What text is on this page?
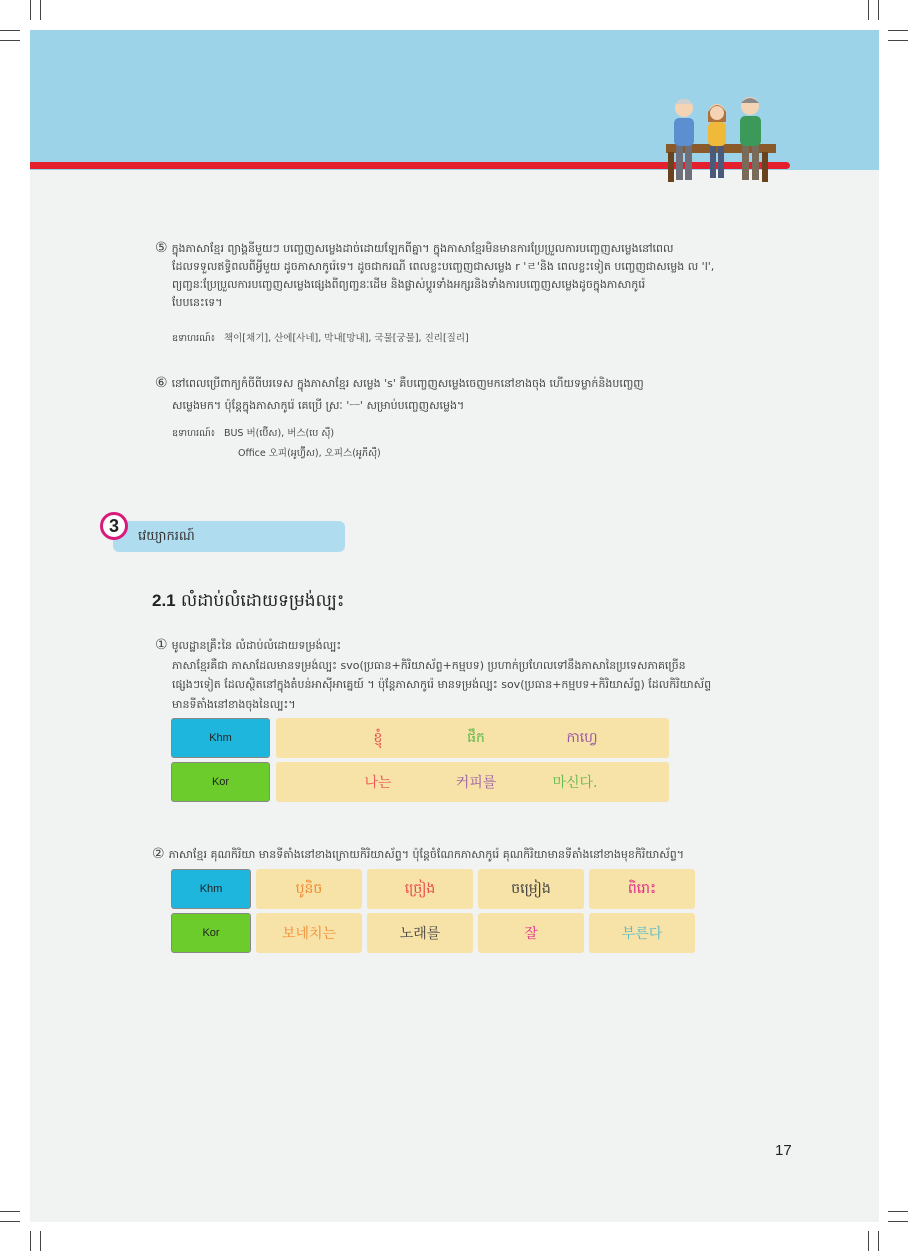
⑤ ក្នុងភាសាខ្មែរ ព្យាង្គនីមួយៗ បញ្ចេញសម្លេងដាច់ដោយឡែកពីគ្នា។ ក្នុងភាសាខ្មែរមិនមានការប្រែប្រួលការបញ្ចេញសម្លេងនៅពេល
ដែលទទួលឥទ្ធិពលពីអ្វីមួយ ដូចភាសាកូរ៉េទេ។ ដូចជាករណី ពេលខ្លះបញ្ចេញជាសម្លេង r 'ㄹ'និង ពេលខ្លះទៀត បញ្ចេញជាសម្លេង ល 'l',
ព្យញ្ជនៈប្រែប្រួលការបញ្ចេញសម្លេងផ្សេងពីព្យញ្ជនៈដើម និងផ្លាស់ប្តូរទាំងអក្សរនិងទាំងការបញ្ចេញសម្លេងដូចក្នុងភាសាកូរ៉េ
បែបនេះទេ។
ឧទាហរណ៍៖ 책이[채기], 산에[사네], 막내[망내], 국물[궁물], 진리[질리]
⑥ នៅពេលប្រើពាក្យកំចីពីបរទេស ក្នុងភាសាខ្មែរ សម្លេង 's' គឺបញ្ចេញសម្លេងចេញមកនៅខាងចុង ហើយទម្លាក់និងបញ្ចេញ
សម្លេងមក។ ប៉ុន្តែក្នុងភាសាកូរ៉េ គេប្រើ ស្រៈ 'ㅡ' សម្រាប់បញ្ចេញសម្លេង។
ឧទាហរណ៍៖ BUS 버(ប៊ើស), 버스(បេ ស៊ឺ)
Office 오피(អូហ្វ៊ីស), 오피스(អូភីស៊ឺ)
3
វេយ្យាករណ៍
2.1 លំដាប់លំដោយទម្រង់ល្បះ
① មូលដ្ឋានគ្រឹះនៃ លំដាប់លំដោយទម្រង់ល្បះ
ភាសាខ្មែរគឺជា ភាសាដែលមានទម្រង់ល្បះ svo(ប្រធាន+កិរិយាស័ព្ទ+កម្មបទ) ប្រហាក់ប្រហែលទៅនឹងភាសានៃប្រទេសភាគច្រើន
ផ្សេងៗទៀត ដែលស្ថិតនៅក្នុងតំបន់អាស៊ីអាគ្នេយ៍ ។ ប៉ុន្តែភាសាកូរ៉េ មានទម្រង់ល្បះ sov(ប្រធាន+កម្មបទ+កិរិយាស័ព្ទ) ដែលកិរិយាស័ព្ទ
មានទីតាំងនៅខាងចុងនៃល្បះ។
Khm	ខ្ញុំ	ផឹក	កាហ្វេ
Kor	나는	커피를	마신다.
② ភាសាខ្មែរ គុណកិរិយា មានទីតាំងនៅខាងក្រោយកិរិយាស័ព្ទ។ ប៉ុន្តែចំណែកភាសាកូរ៉េ គុណកិរិយាមានទីតាំងនៅខាងមុខកិរិយាស័ព្ទ។
Khm	បូនិច	ច្រៀង	ចម្រៀង	ពិរោះ
Kor	보네치는	노래를	잘	부른다
17
